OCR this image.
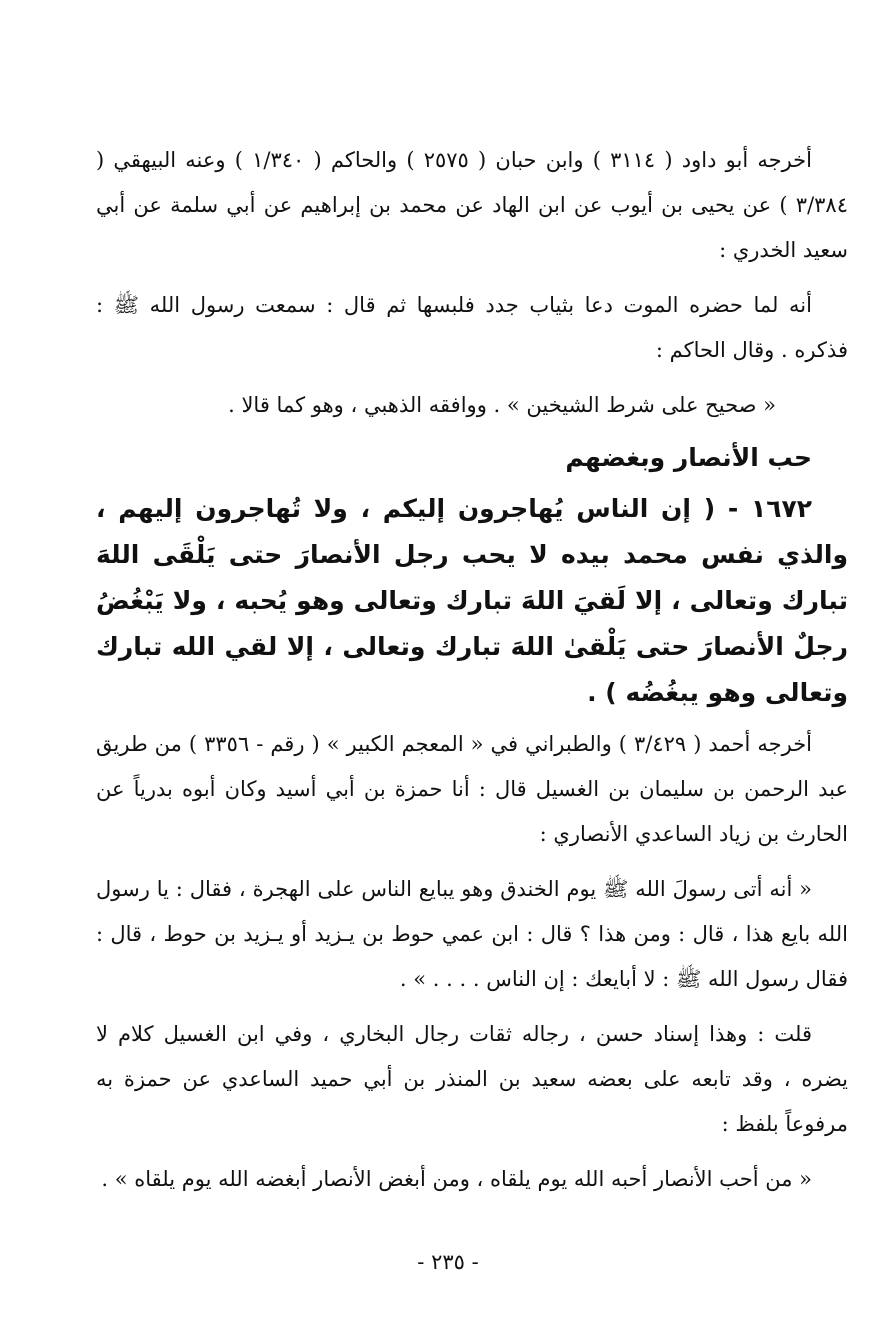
أخرجه أبو داود ( ٣١١٤ ) وابن حبان ( ٢٥٧٥ ) والحاكم ( ١/٣٤٠ ) وعنه البيهقي ( ٣/٣٨٤ ) عن يحيى بن أيوب عن ابن الهاد عن محمد بن إبراهيم عن أبي سلمة عن أبي سعيد الخدري :

أنه لما حضره الموت دعا بثياب جدد فلبسها ثم قال : سمعت رسول الله ﷺ : فذكره . وقال الحاكم :

« صحيح على شرط الشيخين » . ووافقه الذهبي ، وهو كما قالا .

حب الأنصار وبغضهم

١٦٧٢ - ( إن الناس يُهاجرون إليكم ، ولا تُهاجرون إليهم ، والذي نفس محمد بيده لا يحب رجل الأنصارَ حتى يَلْقَى اللهَ تبارك وتعالى ، إلا لَقيَ اللهَ تبارك وتعالى وهو يُحبه ، ولا يَبْغُضُ رجلٌ الأنصارَ حتى يَلْقىٰ اللهَ تبارك وتعالى ، إلا لقي الله تبارك وتعالى وهو يبغُضُه ) .

أخرجه أحمد ( ٣/٤٢٩ ) والطبراني في « المعجم الكبير » ( رقم - ٣٣٥٦ ) من طريق عبد الرحمن بن سليمان بن الغسيل قال : أنا حمزة بن أبي أسيد وكان أبوه بدرياً عن الحارث بن زياد الساعدي الأنصاري :

« أنه أتى رسولَ الله ﷺ يوم الخندق وهو يبايع الناس على الهجرة ، فقال : يا رسول الله بايع هذا ، قال : ومن هذا ؟ قال : ابن عمي حوط بن يـزيد أو يـزيد بن حوط ، قال : فقال رسول الله ﷺ : لا أبايعك : إن الناس . . . . » .

قلت : وهذا إسناد حسن ، رجاله ثقات رجال البخاري ، وفي ابن الغسيل كلام لا يضره ، وقد تابعه على بعضه سعيد بن المنذر بن أبي حميد الساعدي عن حمزة به مرفوعاً بلفظ :

« من أحب الأنصار أحبه الله يوم يلقاه ، ومن أبغض الأنصار أبغضه الله يوم يلقاه » .

- ٢٣٥ -
